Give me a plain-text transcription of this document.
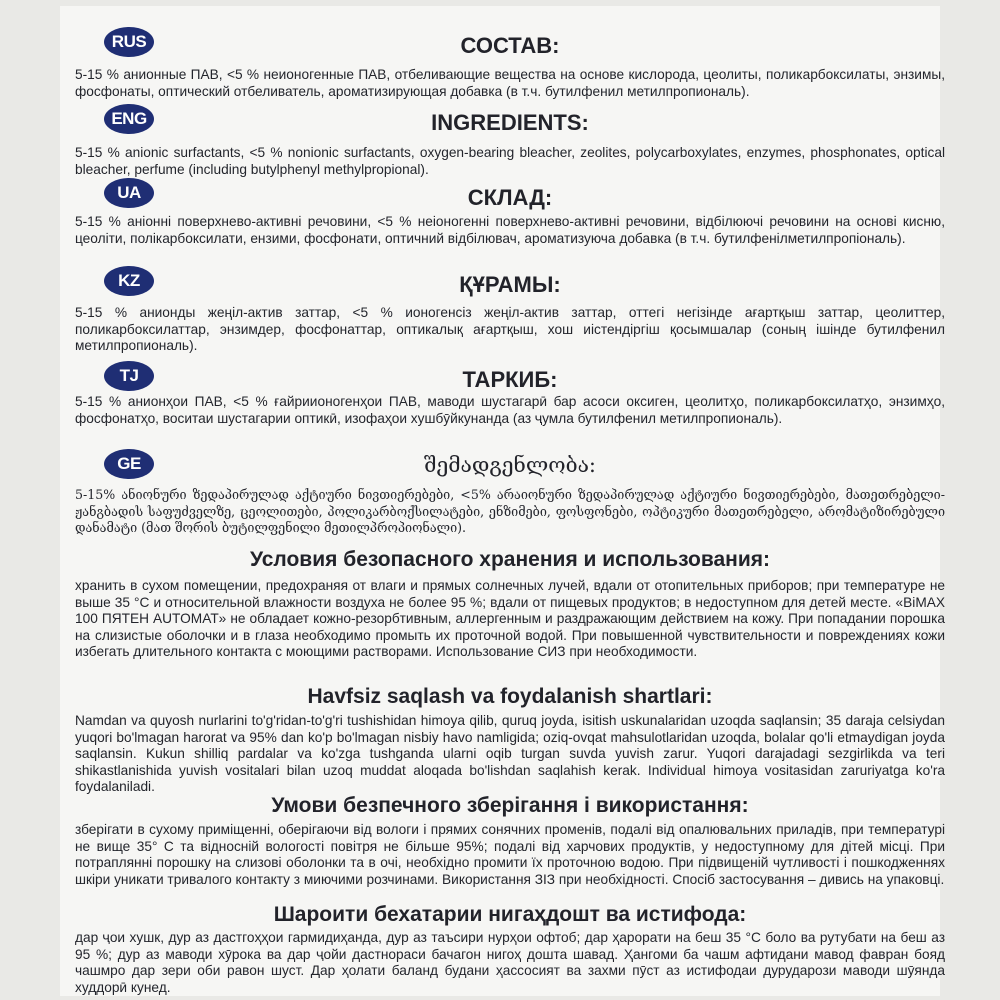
RUS	СОСТАВ:
5-15 % анионные ПАВ, <5 % неионогенные ПАВ, отбеливающие вещества на основе кислорода, цеолиты, поликарбоксилаты, энзимы, фосфонаты, оптический отбеливатель, ароматизирующая добавка (в т.ч. бутилфенил метилпропиональ).
ENG	INGREDIENTS:
5-15 % anionic surfactants, <5 % nonionic surfactants, oxygen-bearing bleacher, zeolites, polycarboxylates, enzymes, phosphonates, optical bleacher, perfume (including butylphenyl methylpropional).
UA	СКЛАД:
5-15 % аніонні поверхнево-активні речовини, <5 % неіоногенні поверхнево-активні речовини, відбілюючі речовини на основі кисню, цеоліти, полікарбоксилати, ензими, фосфонати, оптичний відбілювач, ароматизуюча добавка (в т.ч. бутилфенілметилпропіональ).
KZ	ҚҰРАМЫ:
5-15 % анионды жеңіл-актив заттар, <5 % ионогенсіз жеңіл-актив заттар, оттегі негізінде ағартқыш заттар, цеолиттер, поликарбоксилаттар, энзимдер, фосфонаттар, оптикалық ағартқыш, хош иістендіргіш қосымшалар (соның ішінде бутилфенил метилпропиональ).
TJ	ТАРКИБ:
5-15 % анионҳои ПАВ, <5 % ғайриионогенҳои ПАВ, маводи шустагарӣ бар асоси оксиген, цеолитҳо, поликарбоксилатҳо, энзимҳо, фосфонатҳо, воситаи шустагарии оптикӣ, изофаҳои хушбӯйкунанда (аз ҷумла бутилфенил метилпропиональ).
GE	შემადგენლობა:
5-15% ანიონური ზედაპირულად აქტიური ნივთიერებები, <5% არაიონური ზედაპირულად აქტიური ნივთიერებები, მათეთრებელი-ჟანგბადის საფუძველზე, ცეოლითები, პოლიკარბოქსილატები, ენზიმები, ფოსფონები, ოპტიკური მათეთრებელი, არომატიზირებული დანამატი (მათ შორის ბუტილფენილი მეთილპროპიონალი).
Условия безопасного хранения и использования:
хранить в сухом помещении, предохраняя от влаги и прямых солнечных лучей, вдали от отопительных приборов; при температуре не выше 35 °С и относительной влажности воздуха не более 95 %; вдали от пищевых продуктов; в недоступном для детей месте. «BiMAX 100 ПЯТЕН AUTOMAT» не обладает кожно-резорбтивным, аллергенным и раздражающим действием на кожу. При попадании порошка на слизистые оболочки и в глаза необходимо промыть их проточной водой. При повышенной чувствительности и повреждениях кожи избегать длительного контакта с моющими растворами. Использование СИЗ при необходимости.
Havfsiz saqlash va foydalanish shartlari:
Namdan va quyosh nurlarini to'g'ridan-to'g'ri tushishidan himoya qilib, quruq joyda, isitish uskunalaridan uzoqda saqlansin; 35 daraja celsiydan yuqori bo'lmagan harorat va 95% dan ko'p bo'lmagan nisbiy havo namligida; oziq-ovqat mahsulotlaridan uzoqda, bolalar qo'li etmaydigan joyda saqlansin. Kukun shilliq pardalar va ko'zga tushganda ularni oqib turgan suvda yuvish zarur. Yuqori darajadagi sezgirlikda va teri shikastlanishida yuvish vositalari bilan uzoq muddat aloqada bo'lishdan saqlahish kerak. Individual himoya vositasidan zaruriyatga ko'ra foydalaniladi.
Умови безпечного зберігання і використання:
зберігати в сухому приміщенні, оберігаючи від вологи і прямих сонячних променів, подалі від опалювальних приладів, при температурі не вище 35° С та відносній вологості повітря не більше 95%; подалі від харчових продуктів, у недоступному для дітей місці. При потраплянні порошку на слизові оболонки та в очі, необхідно промити їх проточною водою. При підвищеній чутливості і пошкодженнях шкіри уникати тривалого контакту з миючими розчинами. Використання ЗІЗ при необхідності. Спосіб застосування – дивись на упаковці.
Шароити бехатарии нигаҳдошт ва истифода:
дар ҷои хушк, дур аз дастгоҳҳои гармидиҳанда, дур аз таъсири нурҳои офтоб; дар ҳарорати на беш 35 °С боло ва рутубати на беш аз 95 %; дур аз маводи хӯрока ва дар ҷойи дастнораси бачагон нигоҳ дошта шавад. Ҳангоми ба чашм афтидани мавод фавран бояд чашмро дар зери оби равон шуст. Дар ҳолати баланд будани ҳассосият ва захми пӯст аз истифодаи дурударози маводи шӯянда худдорӣ кунед.
